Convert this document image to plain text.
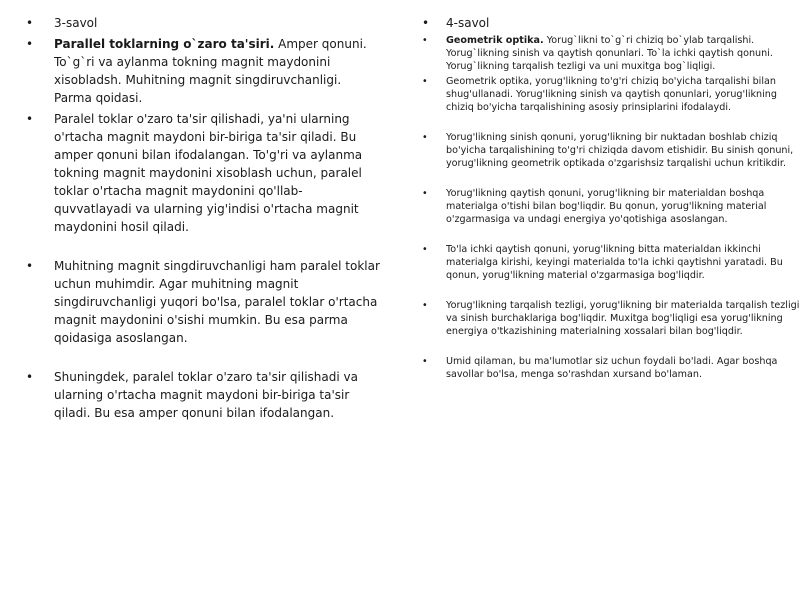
• 3-savol
• Parallel toklarning o`zaro ta'siri. Amper qonuni. To`g`ri va aylanma tokning magnit maydonini xisobladsh. Muhitning magnit singdiruvchanligi. Parma qoidasi.
• Paralel toklar o'zaro ta'sir qilishadi, ya'ni ularning o'rtacha magnit maydoni bir-biriga ta'sir qiladi. Bu amper qonuni bilan ifodalangan. To'g'ri va aylanma tokning magnit maydonini xisoblash uchun, paralel toklar o'rtacha magnit maydonini qo'llab-quvvatlayadi va ularning yig'indisi o'rtacha magnit maydonini hosil qiladi.
• Muhitning magnit singdiruvchanligi ham paralel toklar uchun muhimdir. Agar muhitning magnit singdiruvchanligi yuqori bo'lsa, paralel toklar o'rtacha magnit maydonini o'sishi mumkin. Bu esa parma qoidasiga asoslangan.
• Shuningdek, paralel toklar o'zaro ta'sir qilishadi va ularning o'rtacha magnit maydoni bir-biriga ta'sir qiladi. Bu esa amper qonuni bilan ifodalangan.
• 4-savol
• Geometrik optika. Yorug`likni to`g`ri chiziq bo`ylab tarqalishi. Yorug`likning sinish va qaytish qonunlari. To`la ichki qaytish qonuni. Yorug`likning tarqalish tezligi va uni muxitga bog`liqligi.
• Geometrik optika, yorug'likning to'g'ri chiziq bo'yicha tarqalishi bilan shug'ullanadi. Yorug'likning sinish va qaytish qonunlari, yorug'likning chiziq bo'yicha tarqalishining asosiy prinsiplarini ifodalaydi.
• Yorug'likning sinish qonuni, yorug'likning bir nuktadan boshlab chiziq bo'yicha tarqalishining to'g'ri chiziqda davom etishidir. Bu sinish qonuni, yorug'likning geometrik optikada o'zgarishsiz tarqalishi uchun kritikdir.
• Yorug'likning qaytish qonuni, yorug'likning bir materialdan boshqa materialga o'tishi bilan bog'liqdir. Bu qonun, yorug'likning material o'zgarmasiga va undagi energiya yo'qotishiga asoslangan.
• To'la ichki qaytish qonuni, yorug'likning bitta materialdan ikkinchi materialga kirishi, keyingi materialda to'la ichki qaytishni yaratadi. Bu qonun, yorug'likning material o'zgarmasiga bog'liqdir.
• Yorug'likning tarqalish tezligi, yorug'likning bir materialda tarqalish tezligi va sinish burchaklariga bog'liqdir. Muxitga bog'liqligi esa yorug'likning energiya o'tkazishining materialning xossalari bilan bog'liqdir.
• Umid qilaman, bu ma'lumotlar siz uchun foydali bo'ladi. Agar boshqa savollar bo'lsa, menga so'rashdan xursand bo'laman.
